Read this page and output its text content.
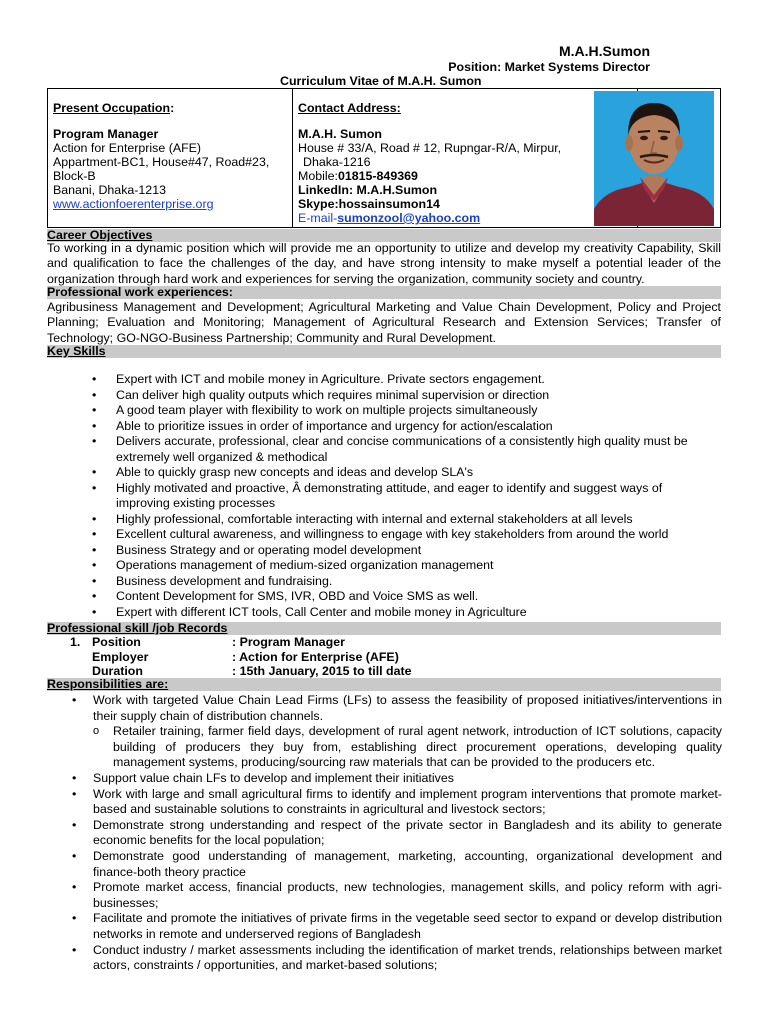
M.A.H.Sumon
Position: Market Systems Director
Curriculum Vitae of M.A.H. Sumon
Present Occupation:
Program Manager
Action for Enterprise (AFE)
Appartment-BC1, House#47, Road#23,
Block-B
Banani, Dhaka-1213
www.actionfoerenterprise.org
Contact Address:
M.A.H. Sumon
House # 33/A, Road # 12, Rupngar-R/A, Mirpur,
Dhaka-1216
Mobile:01815-849369
LinkedIn: M.A.H.Sumon
Skype:hossainsumon14
E-mail-sumonzool@yahoo.com
Career Objectives
To working in a dynamic position which will provide me an opportunity to utilize and develop my creativity Capability, Skill and qualification to face the challenges of the day, and have strong intensity to make myself a potential leader of the organization through hard work and experiences for serving the organization, community society and country.
Professional work experiences:
Agribusiness Management and Development; Agricultural Marketing and Value Chain Development, Policy and Project Planning; Evaluation and Monitoring; Management of Agricultural Research and Extension Services; Transfer of Technology; GO-NGO-Business Partnership; Community and Rural Development.
Key Skills
• Expert with ICT and mobile money in Agriculture. Private sectors engagement.
• Can deliver high quality outputs which requires minimal supervision or direction
• A good team player with flexibility to work on multiple projects simultaneously
• Able to prioritize issues in order of importance and urgency for action/escalation
• Delivers accurate, professional, clear and concise communications of a consistently high quality must be extremely well organized & methodical
• Able to quickly grasp new concepts and ideas and develop SLA's
• Highly motivated and proactive, Â demonstrating attitude, and eager to identify and suggest ways of improving existing processes
• Highly professional, comfortable interacting with internal and external stakeholders at all levels
• Excellent cultural awareness, and willingness to engage with key stakeholders from around the world
• Business Strategy and or operating model development
• Operations management of medium-sized organization management
• Business development and fundraising.
• Content Development for SMS, IVR, OBD and Voice SMS as well.
• Expert with different ICT tools, Call Center and mobile money in Agriculture
Professional skill /job Records
1. Position	: Program Manager
Employer	: Action for Enterprise (AFE)
Duration	: 15th January, 2015 to till date
Responsibilities are:
• Work with targeted Value Chain Lead Firms (LFs) to assess the feasibility of proposed initiatives/interventions in their supply chain of distribution channels.
o Retailer training, farmer field days, development of rural agent network, introduction of ICT solutions, capacity building of producers they buy from, establishing direct procurement operations, developing quality management systems, producing/sourcing raw materials that can be provided to the producers etc.
• Support value chain LFs to develop and implement their initiatives
• Work with large and small agricultural firms to identify and implement program interventions that promote market-based and sustainable solutions to constraints in agricultural and livestock sectors;
• Demonstrate strong understanding and respect of the private sector in Bangladesh and its ability to generate economic benefits for the local population;
• Demonstrate good understanding of management, marketing, accounting, organizational development and finance-both theory practice
• Promote market access, financial products, new technologies, management skills, and policy reform with agri-businesses;
• Facilitate and promote the initiatives of private firms in the vegetable seed sector to expand or develop distribution networks in remote and underserved regions of Bangladesh
• Conduct industry / market assessments including the identification of market trends, relationships between market actors, constraints / opportunities, and market-based solutions;
